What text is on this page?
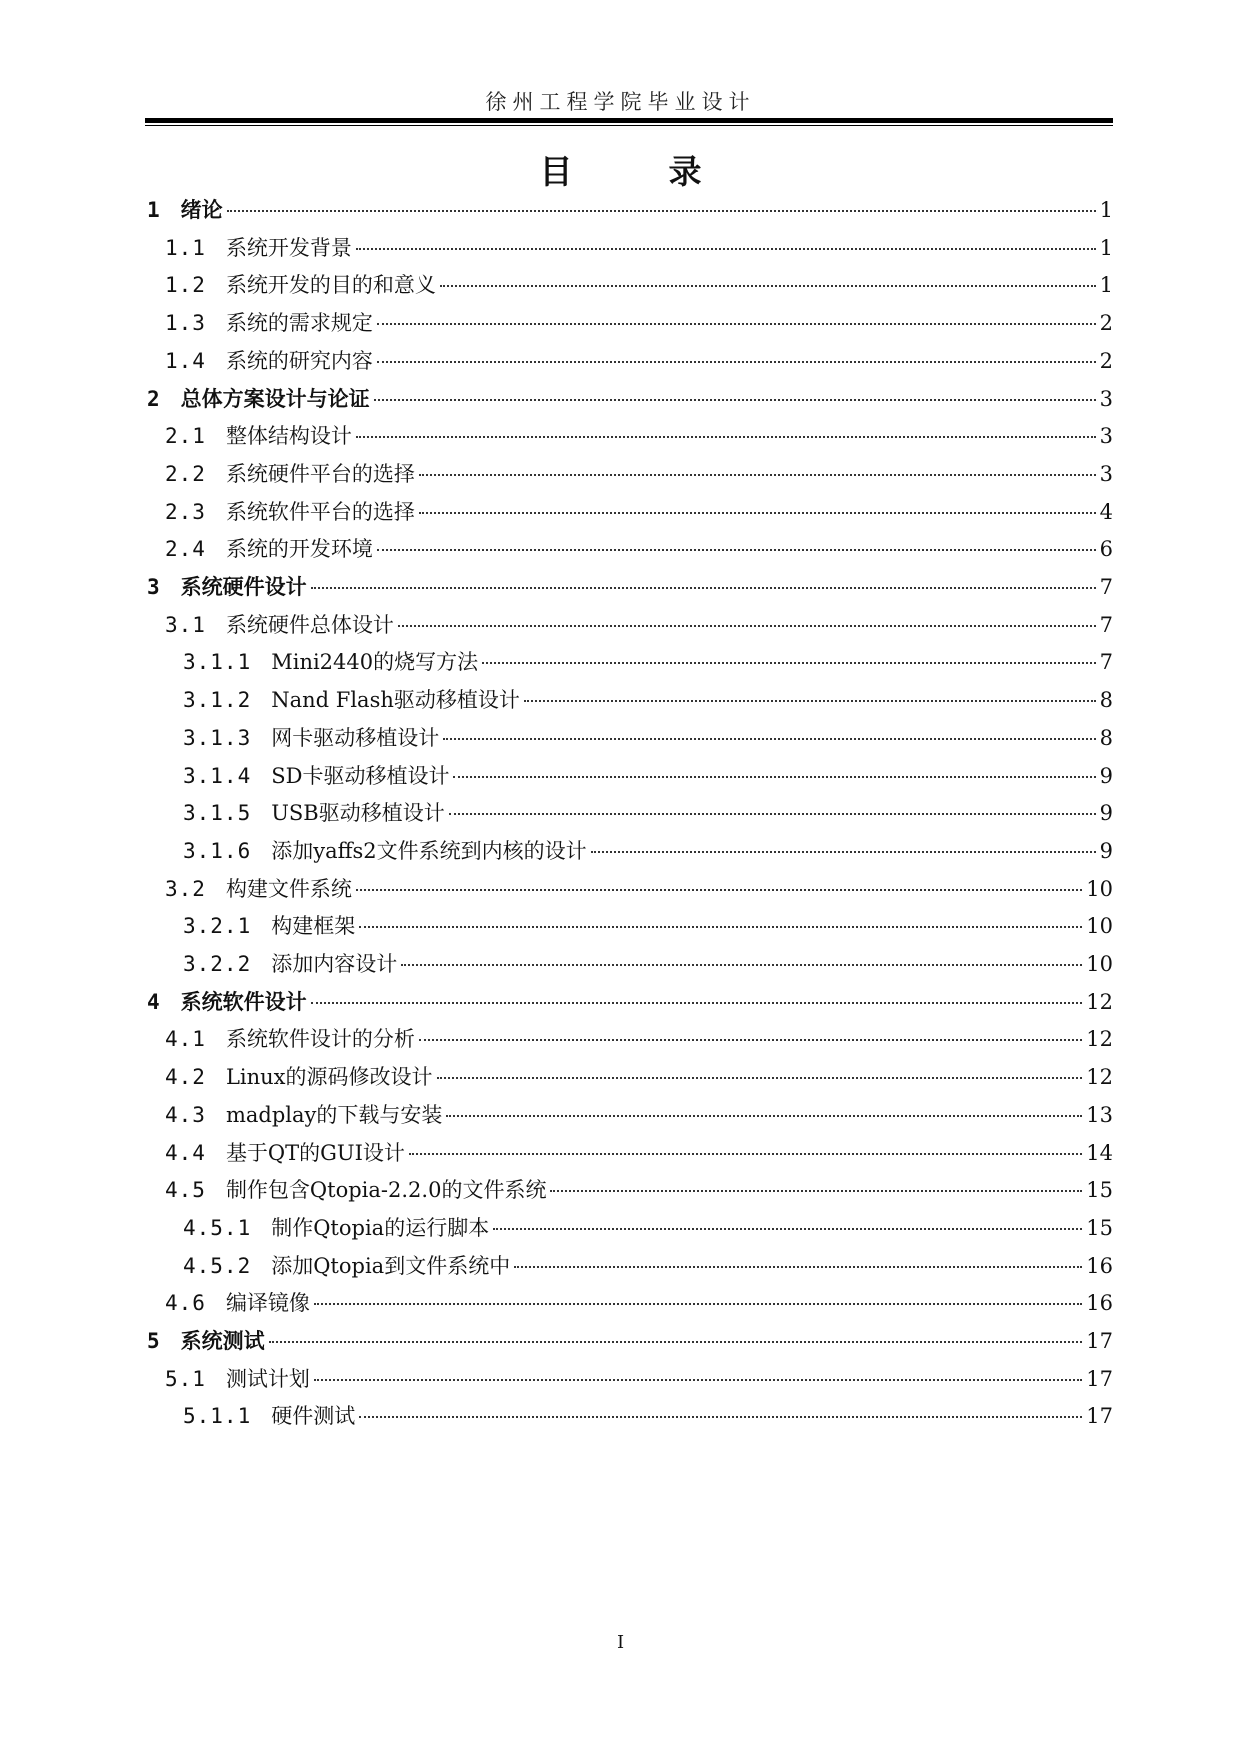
徐州工程学院毕业设计
目	录
1 绪论	1
1.1 系统开发背景	1
1.2 系统开发的目的和意义	1
1.3 系统的需求规定	2
1.4 系统的研究内容	2
2 总体方案设计与论证	3
2.1 整体结构设计	3
2.2 系统硬件平台的选择	3
2.3 系统软件平台的选择	4
2.4 系统的开发环境	6
3 系统硬件设计	7
3.1 系统硬件总体设计	7
3.1.1 Mini2440的烧写方法	7
3.1.2 Nand Flash驱动移植设计	8
3.1.3 网卡驱动移植设计	8
3.1.4 SD卡驱动移植设计	9
3.1.5 USB驱动移植设计	9
3.1.6 添加yaffs2文件系统到内核的设计	9
3.2 构建文件系统	10
3.2.1 构建框架	10
3.2.2 添加内容设计	10
4 系统软件设计	12
4.1 系统软件设计的分析	12
4.2 Linux的源码修改设计	12
4.3 madplay的下载与安装	13
4.4 基于QT的GUI设计	14
4.5 制作包含Qtopia-2.2.0的文件系统	15
4.5.1 制作Qtopia的运行脚本	15
4.5.2 添加Qtopia到文件系统中	16
4.6 编译镜像	16
5 系统测试	17
5.1 测试计划	17
5.1.1 硬件测试	17
I
